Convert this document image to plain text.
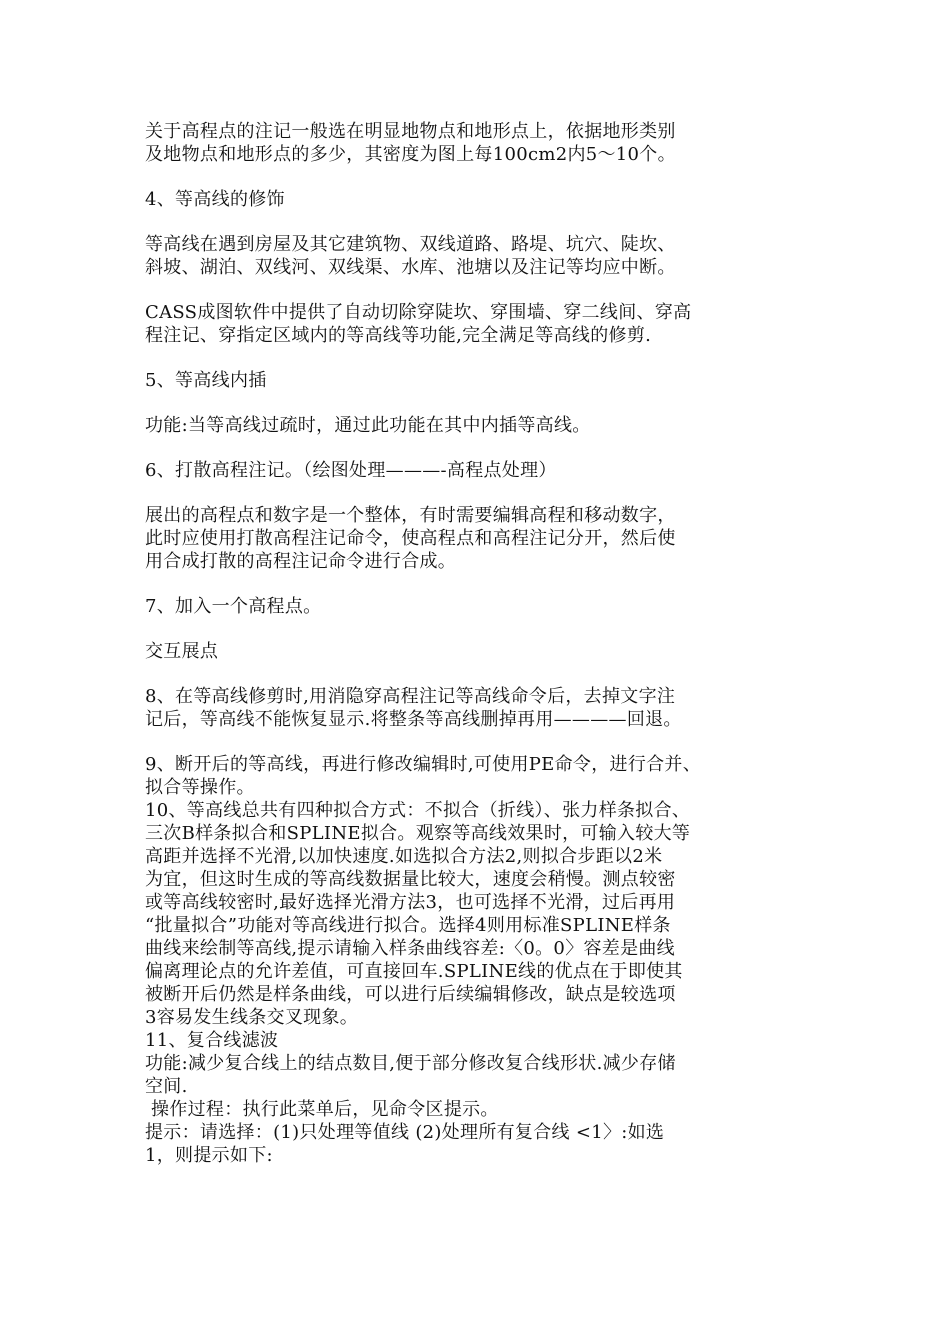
关于高程点的注记一般选在明显地物点和地形点上，依据地形类别
及地物点和地形点的多少，其密度为图上每100cm2内5～10个。

4、等高线的修饰

等高线在遇到房屋及其它建筑物、双线道路、路堤、坑穴、陡坎、
斜坡、湖泊、双线河、双线渠、水库、池塘以及注记等均应中断。

CASS成图软件中提供了自动切除穿陡坎、穿围墙、穿二线间、穿高
程注记、穿指定区域内的等高线等功能,完全满足等高线的修剪.

5、等高线内插

功能:当等高线过疏时，通过此功能在其中内插等高线。

6、打散高程注记。（绘图处理———-高程点处理）

展出的高程点和数字是一个整体，有时需要编辑高程和移动数字，
此时应使用打散高程注记命令，使高程点和高程注记分开，然后使
用合成打散的高程注记命令进行合成。

7、加入一个高程点。

交互展点

8、在等高线修剪时,用消隐穿高程注记等高线命令后，去掉文字注
记后，等高线不能恢复显示.将整条等高线删掉再用————回退。

9、断开后的等高线，再进行修改编辑时,可使用PE命令，进行合并、
拟合等操作。

10、等高线总共有四种拟合方式：不拟合（折线）、张力样条拟合、
三次B样条拟合和SPLINE拟合。观察等高线效果时，可输入较大等
高距并选择不光滑,以加快速度.如选拟合方法2,则拟合步距以2米
为宜，但这时生成的等高线数据量比较大，速度会稍慢。测点较密
或等高线较密时,最好选择光滑方法3，也可选择不光滑，过后再用
“批量拟合”功能对等高线进行拟合。选择4则用标准SPLINE样条
曲线来绘制等高线,提示请输入样条曲线容差:〈0。0〉容差是曲线
偏离理论点的允许差值，可直接回车.SPLINE线的优点在于即使其
被断开后仍然是样条曲线，可以进行后续编辑修改，缺点是较选项
3容易发生线条交叉现象。

11、复合线滤波

功能:减少复合线上的结点数目,便于部分修改复合线形状.减少存储
空间.

操作过程：执行此菜单后，见命令区提示。

提示：请选择：(1)只处理等值线 (2)处理所有复合线 <1〉:如选
1，则提示如下:
